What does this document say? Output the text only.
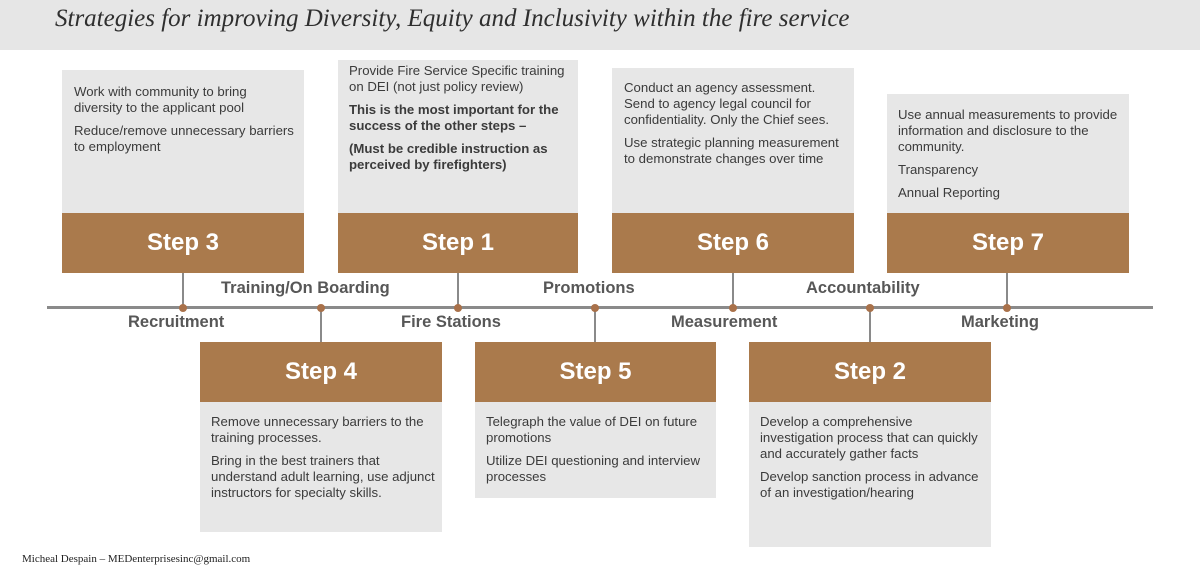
Strategies for improving Diversity, Equity and Inclusivity within the fire service

Work with community to bring diversity to the applicant pool

Reduce/remove unnecessary barriers to employment

Step 3

Provide Fire Service Specific training on DEI (not just policy review)

This is the most important for the success of the other steps –

(Must be credible instruction as perceived by firefighters)

Step 1

Conduct an agency assessment. Send to agency legal council for confidentiality. Only the Chief sees.

Use strategic planning measurement to demonstrate changes over time

Step 6

Use annual measurements to provide information and disclosure to the community.

Transparency

Annual Reporting

Step 7
Training/On Boarding	Promotions	Accountability
Recruitment	Fire Stations	Measurement	Marketing
Step 4

Remove unnecessary barriers to the training processes.

Bring in the best trainers that understand adult learning, use adjunct instructors for specialty skills.

Step 5

Telegraph the value of DEI on future promotions

Utilize DEI questioning and interview processes

Step 2

Develop a comprehensive investigation process that can quickly and accurately gather facts

Develop sanction process in advance of an investigation/hearing

Micheal Despain – MEDenterprisesinc@gmail.com
